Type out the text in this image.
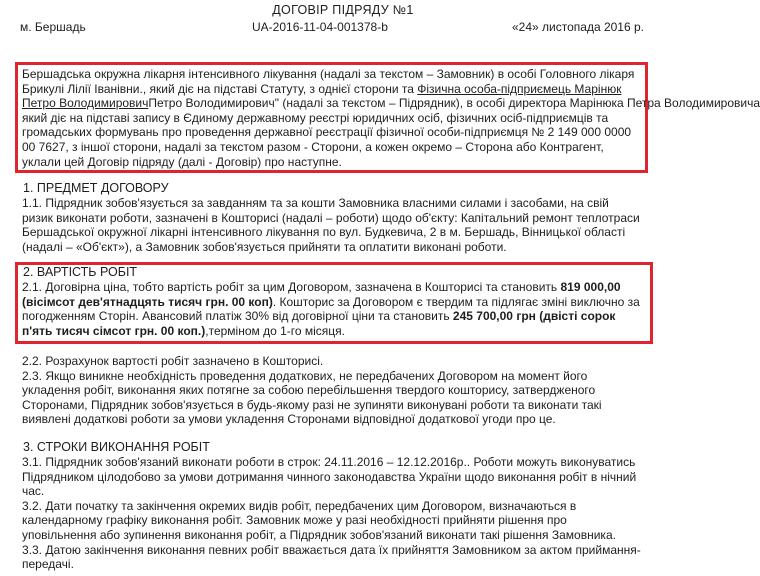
ДОГОВІР ПІДРЯДУ №1
м. Бершадь	UA-2016-11-04-001378-b	«24» листопада 2016 р.
Бершадська окружна лікарня інтенсивного лікування (надалі за текстом – Замовник) в особі Головного лікаря
Брикулі Лілії Іванівни., який діє на підставі Статуту, з однієї сторони та Фізична особа-підприємець Марінюк
Петро ВолодимировичПетро Володимирович" (надалі за текстом – Підрядник), в особі директора Марінюка Петра Володимировича
який діє на підставі запису в Єдиному державному реєстрі юридичних осіб, фізичних осіб-підприємців та
громадських формувань про проведення державної реєстрації фізичної особи-підприємця № 2 149 000 0000
00 7627, з іншої сторони, надалі за текстом разом - Сторони, а кожен окремо – Сторона або Контрагент,
уклали цей Договір підряду (далі - Договір) про наступне.
1. ПРЕДМЕТ ДОГОВОРУ
1.1. Підрядник зобов'язується за завданням та за кошти Замовника власними силами і засобами, на свій
ризик виконати роботи, зазначені в Кошторисі (надалі – роботи) щодо об'єкту: Капітальний ремонт теплотраси
Бершадської окружної лікарні інтенсивного лікування по вул. Будкевича, 2 в м. Бершадь, Вінницької області
(надалі – «Об'єкт»), а Замовник зобов'язується прийняти та оплатити виконані роботи.
2. ВАРТІСТЬ РОБІТ
2.1. Договірна ціна, тобто вартість робіт за цим Договором, зазначена в Кошторисі та становить 819 000,00
(вісімсот дев'ятнадцять тисяч грн. 00 коп). Кошторис за Договором є твердим та підлягає зміні виключно за
погодженням Сторін. Авансовий платіж 30% від договірної ціни та становить 245 700,00 грн (двісті сорок
п'ять тисяч сімсот грн. 00 коп.),терміном до 1-го місяця.
2.2. Розрахунок вартості робіт зазначено в Кошторисі.
2.3. Якщо виникне необхідність проведення додаткових, не передбачених Договором на момент його
укладення робіт, виконання яких потягне за собою перебільшення твердого кошторису, затвердженого
Сторонами, Підрядник зобов'язується в будь-якому разі не зупиняти виконувані роботи та виконати такі
виявлені додаткові роботи за умови укладення Сторонами відповідної додаткової угоди про це.
3. СТРОКИ ВИКОНАННЯ РОБІТ
3.1. Підрядник зобов'язаний виконати роботи в строк: 24.11.2016 – 12.12.2016р.. Роботи можуть виконуватись
Підрядником цілодобово за умови дотримання чинного законодавства України щодо виконання робіт в нічний
час.
3.2. Дати початку та закінчення окремих видів робіт, передбачених цим Договором, визначаються в
календарному графіку виконання робіт. Замовник може у разі необхідності прийняти рішення про
уповільнення або зупинення виконання робіт, а Підрядник зобов'язаний виконати такі рішення Замовника.
3.3. Датою закінчення виконання певних робіт вважається дата їх прийняття Замовником за актом приймання-
передачі.
